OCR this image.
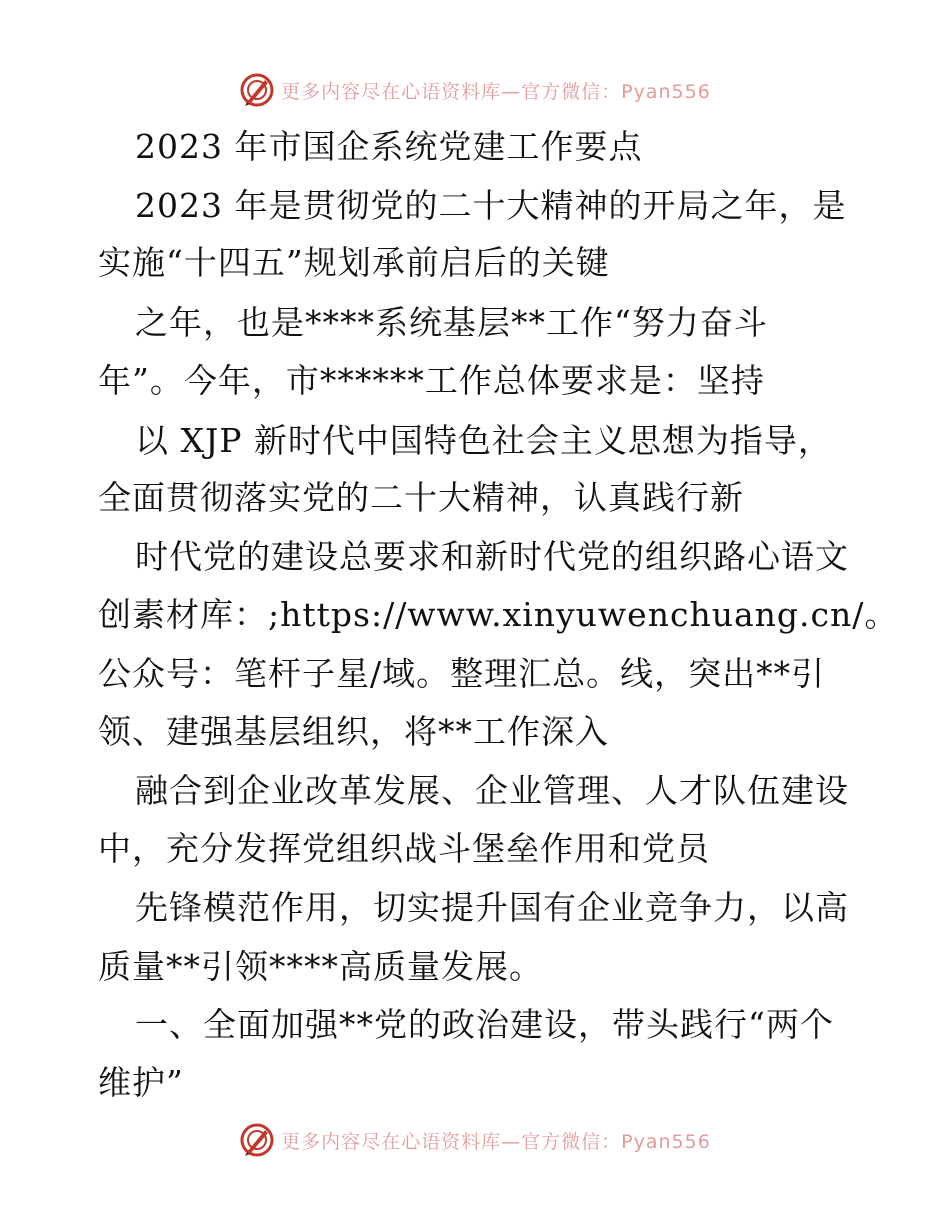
更多内容尽在心语资料库—官方微信：Pyan556
2023 年市国企系统党建工作要点
2023 年是贯彻党的二十大精神的开局之年，是
实施“十四五”规划承前启后的关键
之年，也是****系统基层**工作“努力奋斗
年”。今年，市******工作总体要求是：坚持
以 XJP 新时代中国特色社会主义思想为指导，
全面贯彻落实党的二十大精神，认真践行新
时代党的建设总要求和新时代党的组织路心语文
创素材库：;https://www.xinyuwenchuang.cn/。
公众号：笔杆子星/域。整理汇总。线，突出**引
领、建强基层组织，将**工作深入
融合到企业改革发展、企业管理、人才队伍建设
中，充分发挥党组织战斗堡垒作用和党员
先锋模范作用，切实提升国有企业竞争力，以高
质量**引领****高质量发展。
一、全面加强**党的政治建设，带头践行“两个
维护”
更多内容尽在心语资料库—官方微信：Pyan556
